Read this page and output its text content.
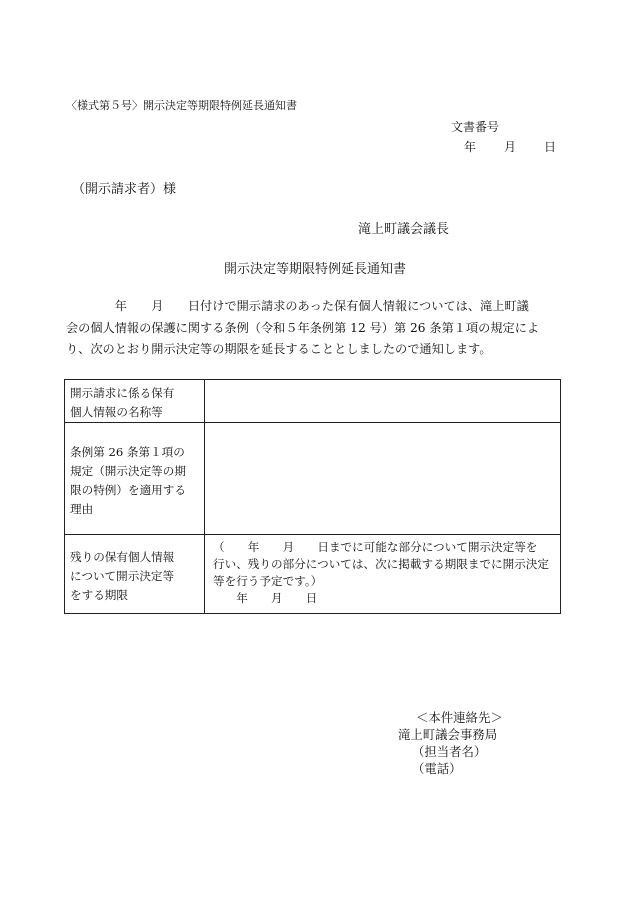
〈様式第５号〉開示決定等期限特例延長通知書
文書番号
年 月 日
（開示請求者）様
滝上町議会議長
開示決定等期限特例延長通知書
　　　　年　　月　　日付けで開示請求のあった保有個人情報については、滝上町議
会の個人情報の保護に関する条例（令和５年条例第 12 号）第 26 条第１項の規定によ
り、次のとおり開示決定等の期限を延長することとしましたので通知します。
開示請求に係る保有
個人情報の名称等	

条例第 26 条第１項の
規定（開示決定等の期
限の特例）を適用する
理由	

残りの保有個人情報
について開示決定等
をする期限	（　　年　　月　　日までに可能な部分について開示決定等を
行い、残りの部分については、次に掲載する期限までに開示決定
等を行う予定です。）
　　年　　月　　日
＜本件連絡先＞
滝上町議会事務局
（担当者名）
（電話）
